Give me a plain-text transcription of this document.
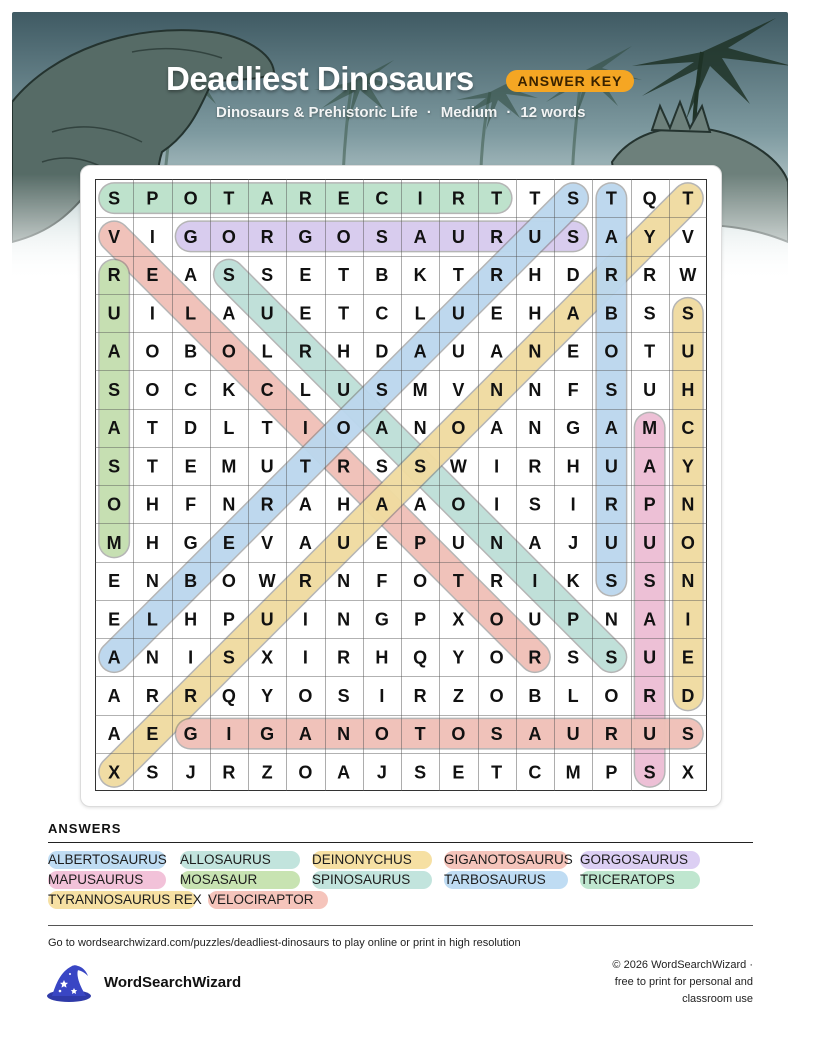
Deadliest Dinosaurs	ANSWER KEY
Dinosaurs & Prehistoric Life · Medium · 12 words
S P O T A R E C I R T T S T Q T
V I G O R G O S A U R U S A Y V
R E A S S E T B K T R H D R R W
U I L A U E T C L U E H A B S S
A O B O L R H D A U A N E O T U
S O C K C L U S M V N N F S U H
A T D L T I O A N O A N G A M C
S T E M U T R S S W I R H U A Y
O H F N R A H A A O I S I R P N
M H G E V A U E P U N A J U U O
E N B O W R N F O T R I K S S N
E L H P U I N G P X O U P N A I
A N I S X I R H Q Y O R S S U E
A R R Q Y O S I R Z O B L O R D
A E G I G A N O T O S A U R U S
X S J R Z O A J S E T C M P S X
ANSWERS
ALBERTOSAURUS ALLOSAURUS	DEINONYCHUS	GIGANOTOSAURUS GORGOSAURUS
MAPUSAURUS	MOSASAUR	SPINOSAURUS	TARBOSAURUS	TRICERATOPS
TYRANNOSAURUS REX VELOCIRAPTOR
Go to wordsearchwizard.com/puzzles/deadliest-dinosaurs to play online or print in high resolution
WordSearchWizard
© 2026 WordSearchWizard ·
free to print for personal and
classroom use
